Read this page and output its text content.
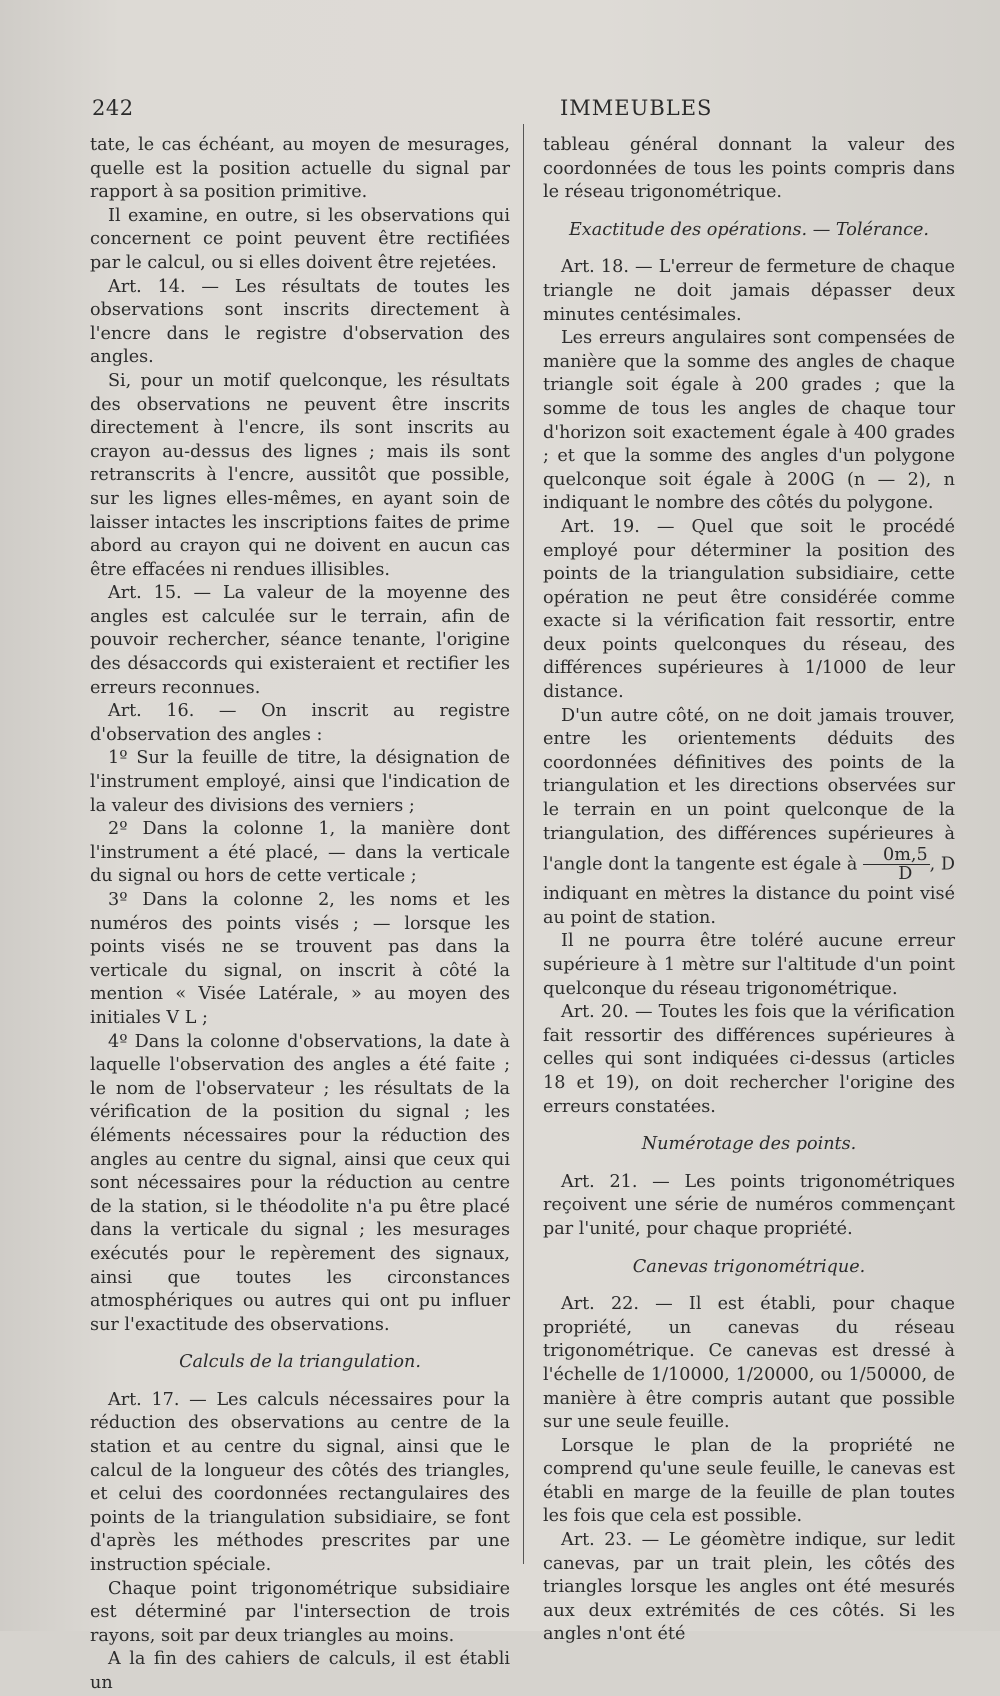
242	IMMEUBLES

tate, le cas échéant, au moyen de mesurages, quelle est la position actuelle du signal par rapport à sa position primitive.

Il examine, en outre, si les observations qui concernent ce point peuvent être rectifiées par le calcul, ou si elles doivent être rejetées.

Art. 14. — Les résultats de toutes les observations sont inscrits directement à l'encre dans le registre d'observation des angles.

Si, pour un motif quelconque, les résultats des observations ne peuvent être inscrits directement à l'encre, ils sont inscrits au crayon au-dessus des lignes ; mais ils sont retranscrits à l'encre, aussitôt que possible, sur les lignes elles-mêmes, en ayant soin de laisser intactes les inscriptions faites de prime abord au crayon qui ne doivent en aucun cas être effacées ni rendues illisibles.

Art. 15. — La valeur de la moyenne des angles est calculée sur le terrain, afin de pouvoir rechercher, séance tenante, l'origine des désaccords qui existeraient et rectifier les erreurs reconnues.

Art. 16. — On inscrit au registre d'observation des angles :

1º Sur la feuille de titre, la désignation de l'instrument employé, ainsi que l'indication de la valeur des divisions des verniers ;

2º Dans la colonne 1, la manière dont l'instrument a été placé, — dans la verticale du signal ou hors de cette verticale ;

3º Dans la colonne 2, les noms et les numéros des points visés ; — lorsque les points visés ne se trouvent pas dans la verticale du signal, on inscrit à côté la mention « Visée Latérale, » au moyen des initiales V L ;

4º Dans la colonne d'observations, la date à laquelle l'observation des angles a été faite ; le nom de l'observateur ; les résultats de la vérification de la position du signal ; les éléments nécessaires pour la réduction des angles au centre du signal, ainsi que ceux qui sont nécessaires pour la réduction au centre de la station, si le théodolite n'a pu être placé dans la verticale du signal ; les mesurages exécutés pour le repèrement des signaux, ainsi que toutes les circonstances atmosphériques ou autres qui ont pu influer sur l'exactitude des observations.

Calculs de la triangulation.

Art. 17. — Les calculs nécessaires pour la réduction des observations au centre de la station et au centre du signal, ainsi que le calcul de la longueur des côtés des triangles, et celui des coordonnées rectangulaires des points de la triangulation subsidiaire, se font d'après les méthodes prescrites par une instruction spéciale.

Chaque point trigonométrique subsidiaire est déterminé par l'intersection de trois rayons, soit par deux triangles au moins.

A la fin des cahiers de calculs, il est établi un

tableau général donnant la valeur des coordonnées de tous les points compris dans le réseau trigonométrique.

Exactitude des opérations. — Tolérance.

Art. 18. — L'erreur de fermeture de chaque triangle ne doit jamais dépasser deux minutes centésimales.

Les erreurs angulaires sont compensées de manière que la somme des angles de chaque triangle soit égale à 200 grades ; que la somme de tous les angles de chaque tour d'horizon soit exactement égale à 400 grades ; et que la somme des angles d'un polygone quelconque soit égale à 200G (n — 2), n indiquant le nombre des côtés du polygone.

Art. 19. — Quel que soit le procédé employé pour déterminer la position des points de la triangulation subsidiaire, cette opération ne peut être considérée comme exacte si la vérification fait ressortir, entre deux points quelconques du réseau, des différences supérieures à 1/1000 de leur distance.

D'un autre côté, on ne doit jamais trouver, entre les orientements déduits des coordonnées définitives des points de la triangulation et les directions observées sur le terrain en un point quelconque de la triangulation, des différences supérieures à l'angle dont la tangente est égale à $\frac{0m,5}{D}$ , D indiquant en mètres la distance du point visé au point de station.

Il ne pourra être toléré aucune erreur supérieure à 1 mètre sur l'altitude d'un point quelconque du réseau trigonométrique.

Art. 20. — Toutes les fois que la vérification fait ressortir des différences supérieures à celles qui sont indiquées ci-dessus (articles 18 et 19), on doit rechercher l'origine des erreurs constatées.

Numérotage des points.

Art. 21. — Les points trigonométriques reçoivent une série de numéros commençant par l'unité, pour chaque propriété.

Canevas trigonométrique.

Art. 22. — Il est établi, pour chaque propriété, un canevas du réseau trigonométrique. Ce canevas est dressé à l'échelle de 1/10000, 1/20000, ou 1/50000, de manière à être compris autant que possible sur une seule feuille.

Lorsque le plan de la propriété ne comprend qu'une seule feuille, le canevas est établi en marge de la feuille de plan toutes les fois que cela est possible.

Art. 23. — Le géomètre indique, sur ledit canevas, par un trait plein, les côtés des triangles lorsque les angles ont été mesurés aux deux extrémités de ces côtés. Si les angles n'ont été
